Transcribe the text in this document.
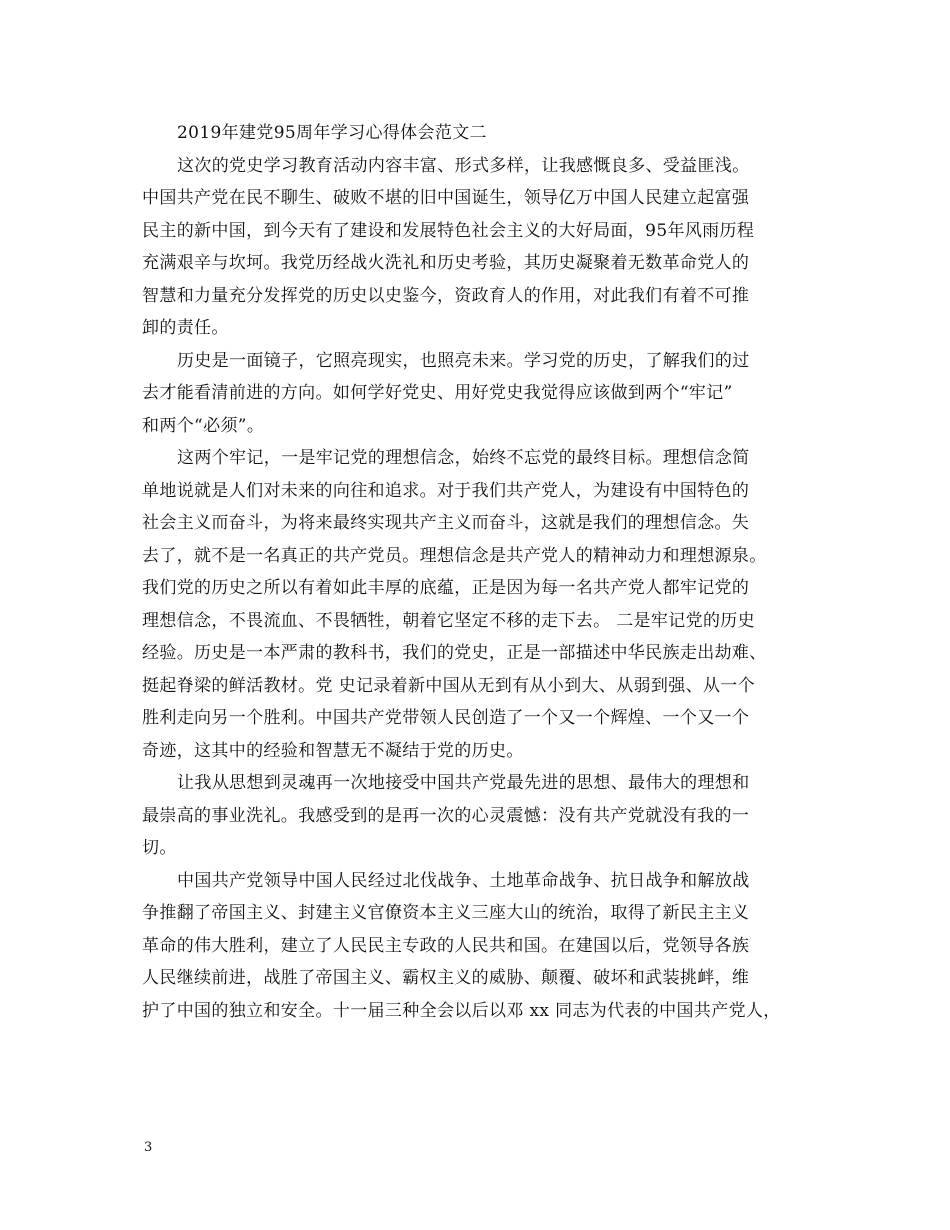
2019年建党95周年学习心得体会范文二
这次的党史学习教育活动内容丰富、形式多样，让我感慨良多、受益匪浅。
中国共产党在民不聊生、破败不堪的旧中国诞生，领导亿万中国人民建立起富强
民主的新中国，到今天有了建设和发展特色社会主义的大好局面，95年风雨历程
充满艰辛与坎坷。我党历经战火洗礼和历史考验，其历史凝聚着无数革命党人的
智慧和力量充分发挥党的历史以史鉴今，资政育人的作用，对此我们有着不可推
卸的责任。
历史是一面镜子，它照亮现实，也照亮未来。学习党的历史，了解我们的过
去才能看清前进的方向。如何学好党史、用好党史我觉得应该做到两个“牢记”
和两个“必须”。
这两个牢记，一是牢记党的理想信念，始终不忘党的最终目标。理想信念简
单地说就是人们对未来的向往和追求。对于我们共产党人，为建设有中国特色的
社会主义而奋斗，为将来最终实现共产主义而奋斗，这就是我们的理想信念。失
去了，就不是一名真正的共产党员。理想信念是共产党人的精神动力和理想源泉。
我们党的历史之所以有着如此丰厚的底蕴，正是因为每一名共产党人都牢记党的
理想信念，不畏流血、不畏牺牲，朝着它坚定不移的走下去。 二是牢记党的历史
经验。历史是一本严肃的教科书，我们的党史，正是一部描述中华民族走出劫难、
挺起脊梁的鲜活教材。党 史记录着新中国从无到有从小到大、从弱到强、从一个
胜利走向另一个胜利。中国共产党带领人民创造了一个又一个辉煌、一个又一个
奇迹，这其中的经验和智慧无不凝结于党的历史。
让我从思想到灵魂再一次地接受中国共产党最先进的思想、最伟大的理想和
最崇高的事业洗礼。我感受到的是再一次的心灵震憾：没有共产党就没有我的一
切。
中国共产党领导中国人民经过北伐战争、土地革命战争、抗日战争和解放战
争推翻了帝国主义、封建主义官僚资本主义三座大山的统治，取得了新民主主义
革命的伟大胜利，建立了人民民主专政的人民共和国。在建国以后，党领导各族
人民继续前进，战胜了帝国主义、霸权主义的威胁、颠覆、破坏和武装挑衅，维
护了中国的独立和安全。十一届三种全会以后以邓 xx 同志为代表的中国共产党人，
3
